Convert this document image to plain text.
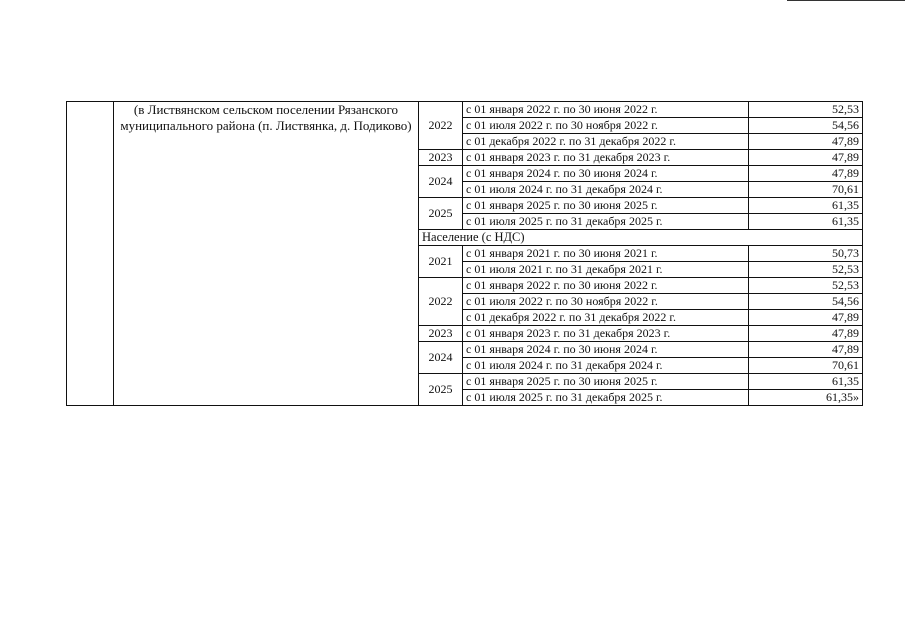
	(в Листвянском сельском поселении Рязанского муниципального района (п. Листвянка, д. Подиково)	2022	с 01 января 2022 г. по 30 июня 2022 г.	52,53
			с 01 июля 2022 г. по 30 ноября 2022 г.	54,56
			с 01 декабря 2022 г. по 31 декабря 2022 г.	47,89
		2023	с 01 января 2023 г. по 31 декабря 2023 г.	47,89
		2024	с 01 января 2024 г. по 30 июня 2024 г.	47,89
			с 01 июля 2024 г. по 31 декабря 2024 г.	70,61
		2025	с 01 января 2025 г. по 30 июня 2025 г.	61,35
			с 01 июля 2025 г. по 31 декабря 2025 г.	61,35
		Население (с НДС)		
		2021	с 01 января 2021 г. по 30 июня 2021 г.	50,73
			с 01 июля 2021 г. по 31 декабря 2021 г.	52,53
		2022	с 01 января 2022 г. по 30 июня 2022 г.	52,53
			с 01 июля 2022 г. по 30 ноября 2022 г.	54,56
			с 01 декабря 2022 г. по 31 декабря 2022 г.	47,89
		2023	с 01 января 2023 г. по 31 декабря 2023 г.	47,89
		2024	с 01 января 2024 г. по 30 июня 2024 г.	47,89
			с 01 июля 2024 г. по 31 декабря 2024 г.	70,61
		2025	с 01 января 2025 г. по 30 июня 2025 г.	61,35
			с 01 июля 2025 г. по 31 декабря 2025 г.	61,35»
